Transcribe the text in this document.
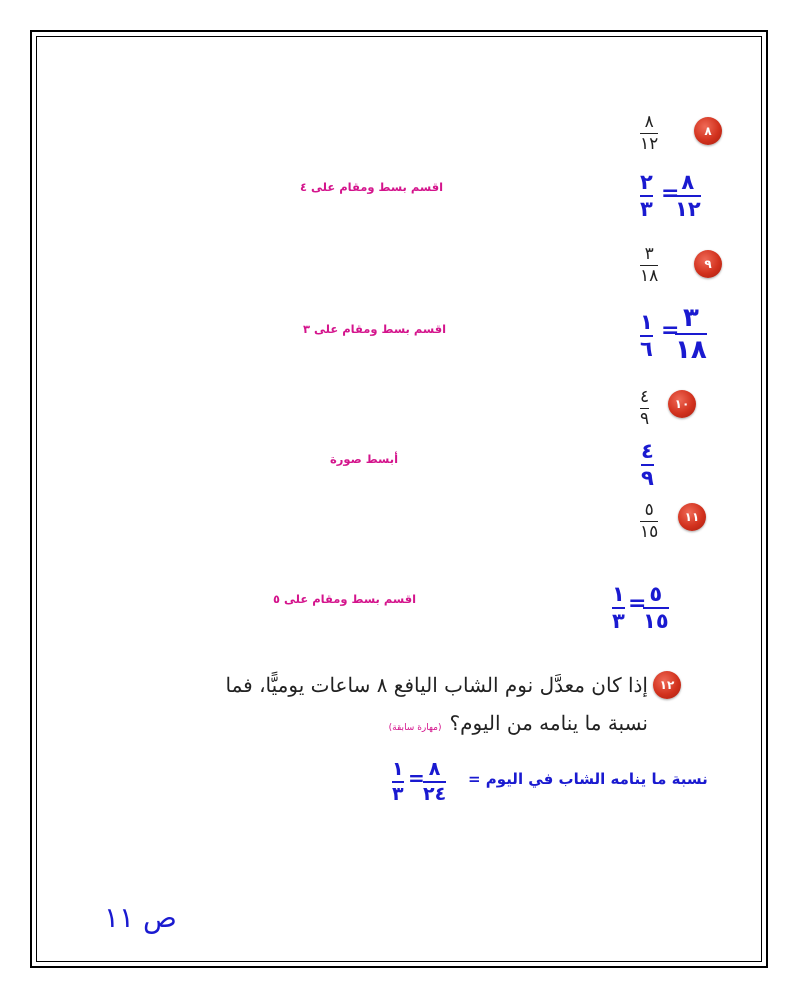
٨
٨
١٢
٢
٣
= ٨
١٢
اقسم بسط ومقام على ٤
٩
٣
١٨
١
٦
= ٣
١٨
اقسم بسط ومقام على ٣
١٠
٤
٩
٤
٩
أبسط صورة
١١
٥
١٥
١
٣
= ٥
١٥
اقسم بسط ومقام على ٥
١٢
إذا كان معدَّل نوم الشاب اليافع ٨ ساعات يوميًّا، فما
نسبة ما ينامه من اليوم؟(مهارة سابقة)
نسبة ما ينامه الشاب في اليوم =
١
٣
= ٨
٢٤
ص ١١
